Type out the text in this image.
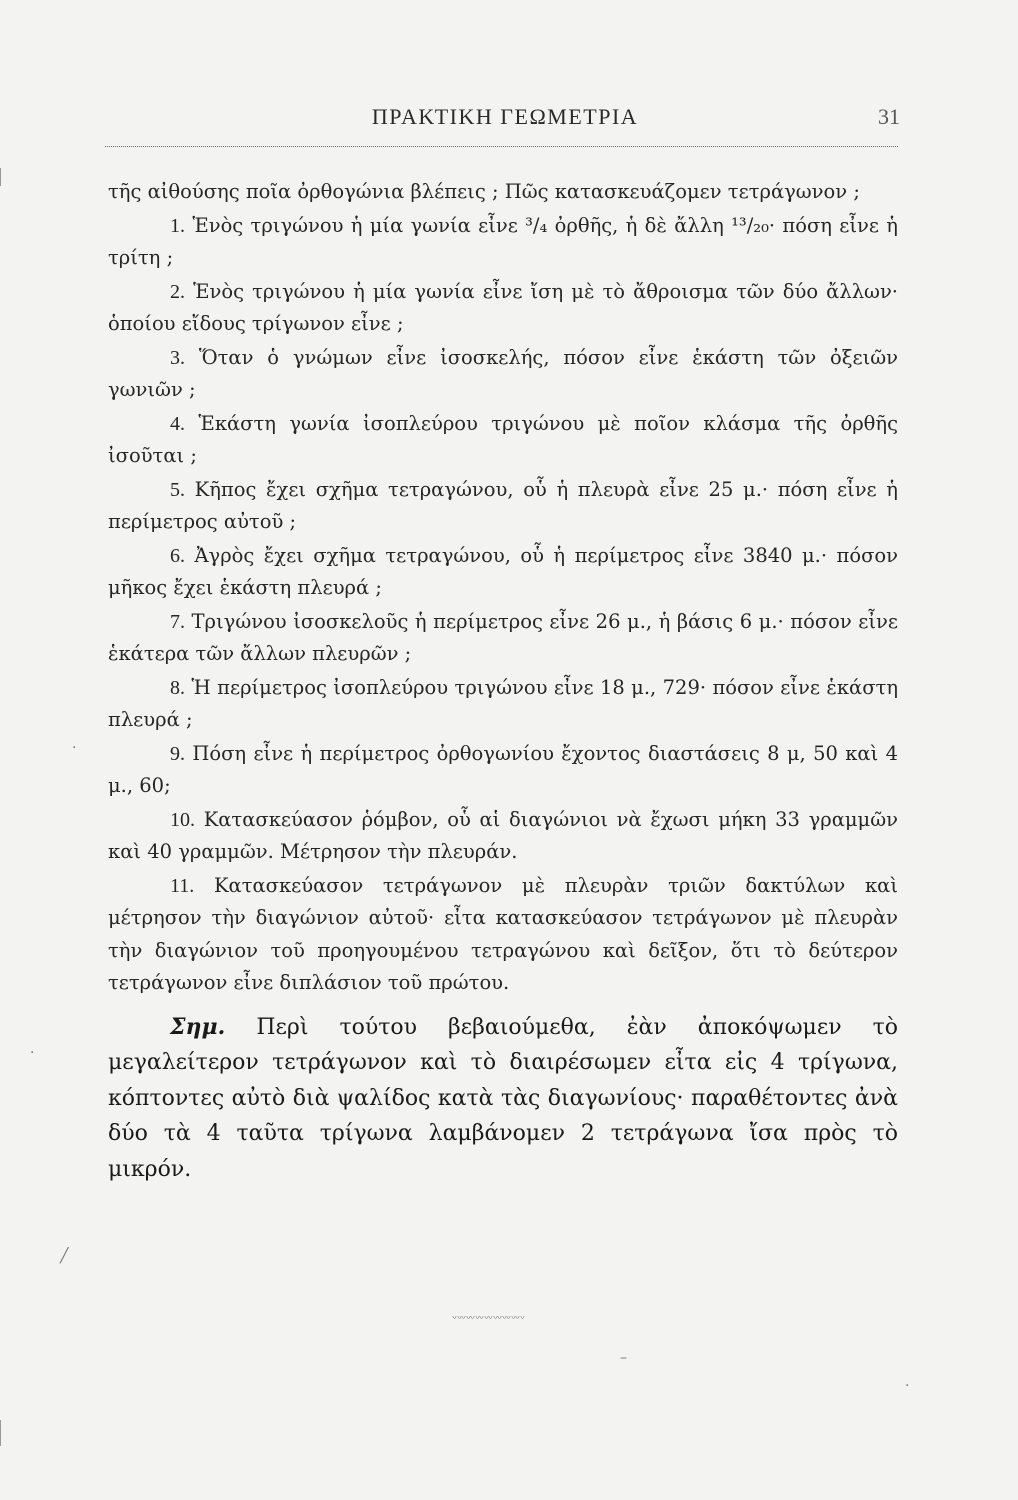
ΠΡΑΚΤΙΚΗ ΓΕΩΜΕΤΡΙΑ	31

τῆς αἰθούσης ποῖα ὀρθογώνια βλέπεις ; Πῶς κατασκευάζομεν τετράγωνον ;

1. Ἑνὸς τριγώνου ἡ μία γωνία εἶνε ³/₄ ὀρθῆς, ἡ δὲ ἄλλη ¹³/₂₀· πόση εἶνε ἡ τρίτη ;

2. Ἑνὸς τριγώνου ἡ μία γωνία εἶνε ἴση μὲ τὸ ἄθροισμα τῶν δύο ἄλλων· ὁποίου εἴδους τρίγωνον εἶνε ;

3. Ὅταν ὁ γνώμων εἶνε ἰσοσκελής, πόσον εἶνε ἑκάστη τῶν ὀξειῶν γωνιῶν ;

4. Ἑκάστη γωνία ἰσοπλεύρου τριγώνου μὲ ποῖον κλάσμα τῆς ὀρθῆς ἰσοῦται ;

5. Κῆπος ἔχει σχῆμα τετραγώνου, οὗ ἡ πλευρὰ εἶνε 25 μ.· πόση εἶνε ἡ περίμετρος αὐτοῦ ;

6. Ἀγρὸς ἔχει σχῆμα τετραγώνου, οὗ ἡ περίμετρος εἶνε 3840 μ.· πόσον μῆκος ἔχει ἑκάστη πλευρά ;

7. Τριγώνου ἰσοσκελοῦς ἡ περίμετρος εἶνε 26 μ., ἡ βάσις 6 μ.· πόσον εἶνε ἑκάτερα τῶν ἄλλων πλευρῶν ;

8. Ἡ περίμετρος ἰσοπλεύρου τριγώνου εἶνε 18 μ., 729· πόσον εἶνε ἑκάστη πλευρά ;

9. Πόση εἶνε ἡ περίμετρος ὀρθογωνίου ἔχοντος διαστάσεις 8 μ, 50 καὶ 4 μ., 60;

10. Κατασκεύασον ῥόμβον, οὗ αἱ διαγώνιοι νὰ ἔχωσι μήκη 33 γραμμῶν καὶ 40 γραμμῶν. Μέτρησον τὴν πλευράν.

11. Κατασκεύασον τετράγωνον μὲ πλευρὰν τριῶν δακτύλων καὶ μέτρησον τὴν διαγώνιον αὐτοῦ· εἶτα κατασκεύασον τετράγωνον μὲ πλευρὰν τὴν διαγώνιον τοῦ προηγουμένου τετραγώνου καὶ δεῖξον, ὅτι τὸ δεύτερον τετράγωνον εἶνε διπλάσιον τοῦ πρώτου.

Σημ. Περὶ τούτου βεβαιούμεθα, ἐὰν ἀποκόψωμεν τὸ μεγαλείτερον τετράγωνον καὶ τὸ διαιρέσωμεν εἶτα εἰς 4 τρίγωνα, κόπτοντες αὐτὸ διὰ ψαλίδος κατὰ τὰς διαγωνίους· παραθέτοντες ἀνὰ δύο τὰ 4 ταῦτα τρίγωνα λαμβάνομεν 2 τετράγωνα ἴσα πρὸς τὸ μικρόν.

〰〰〰〰〰〰〰〰
·
·
╱
–
·
